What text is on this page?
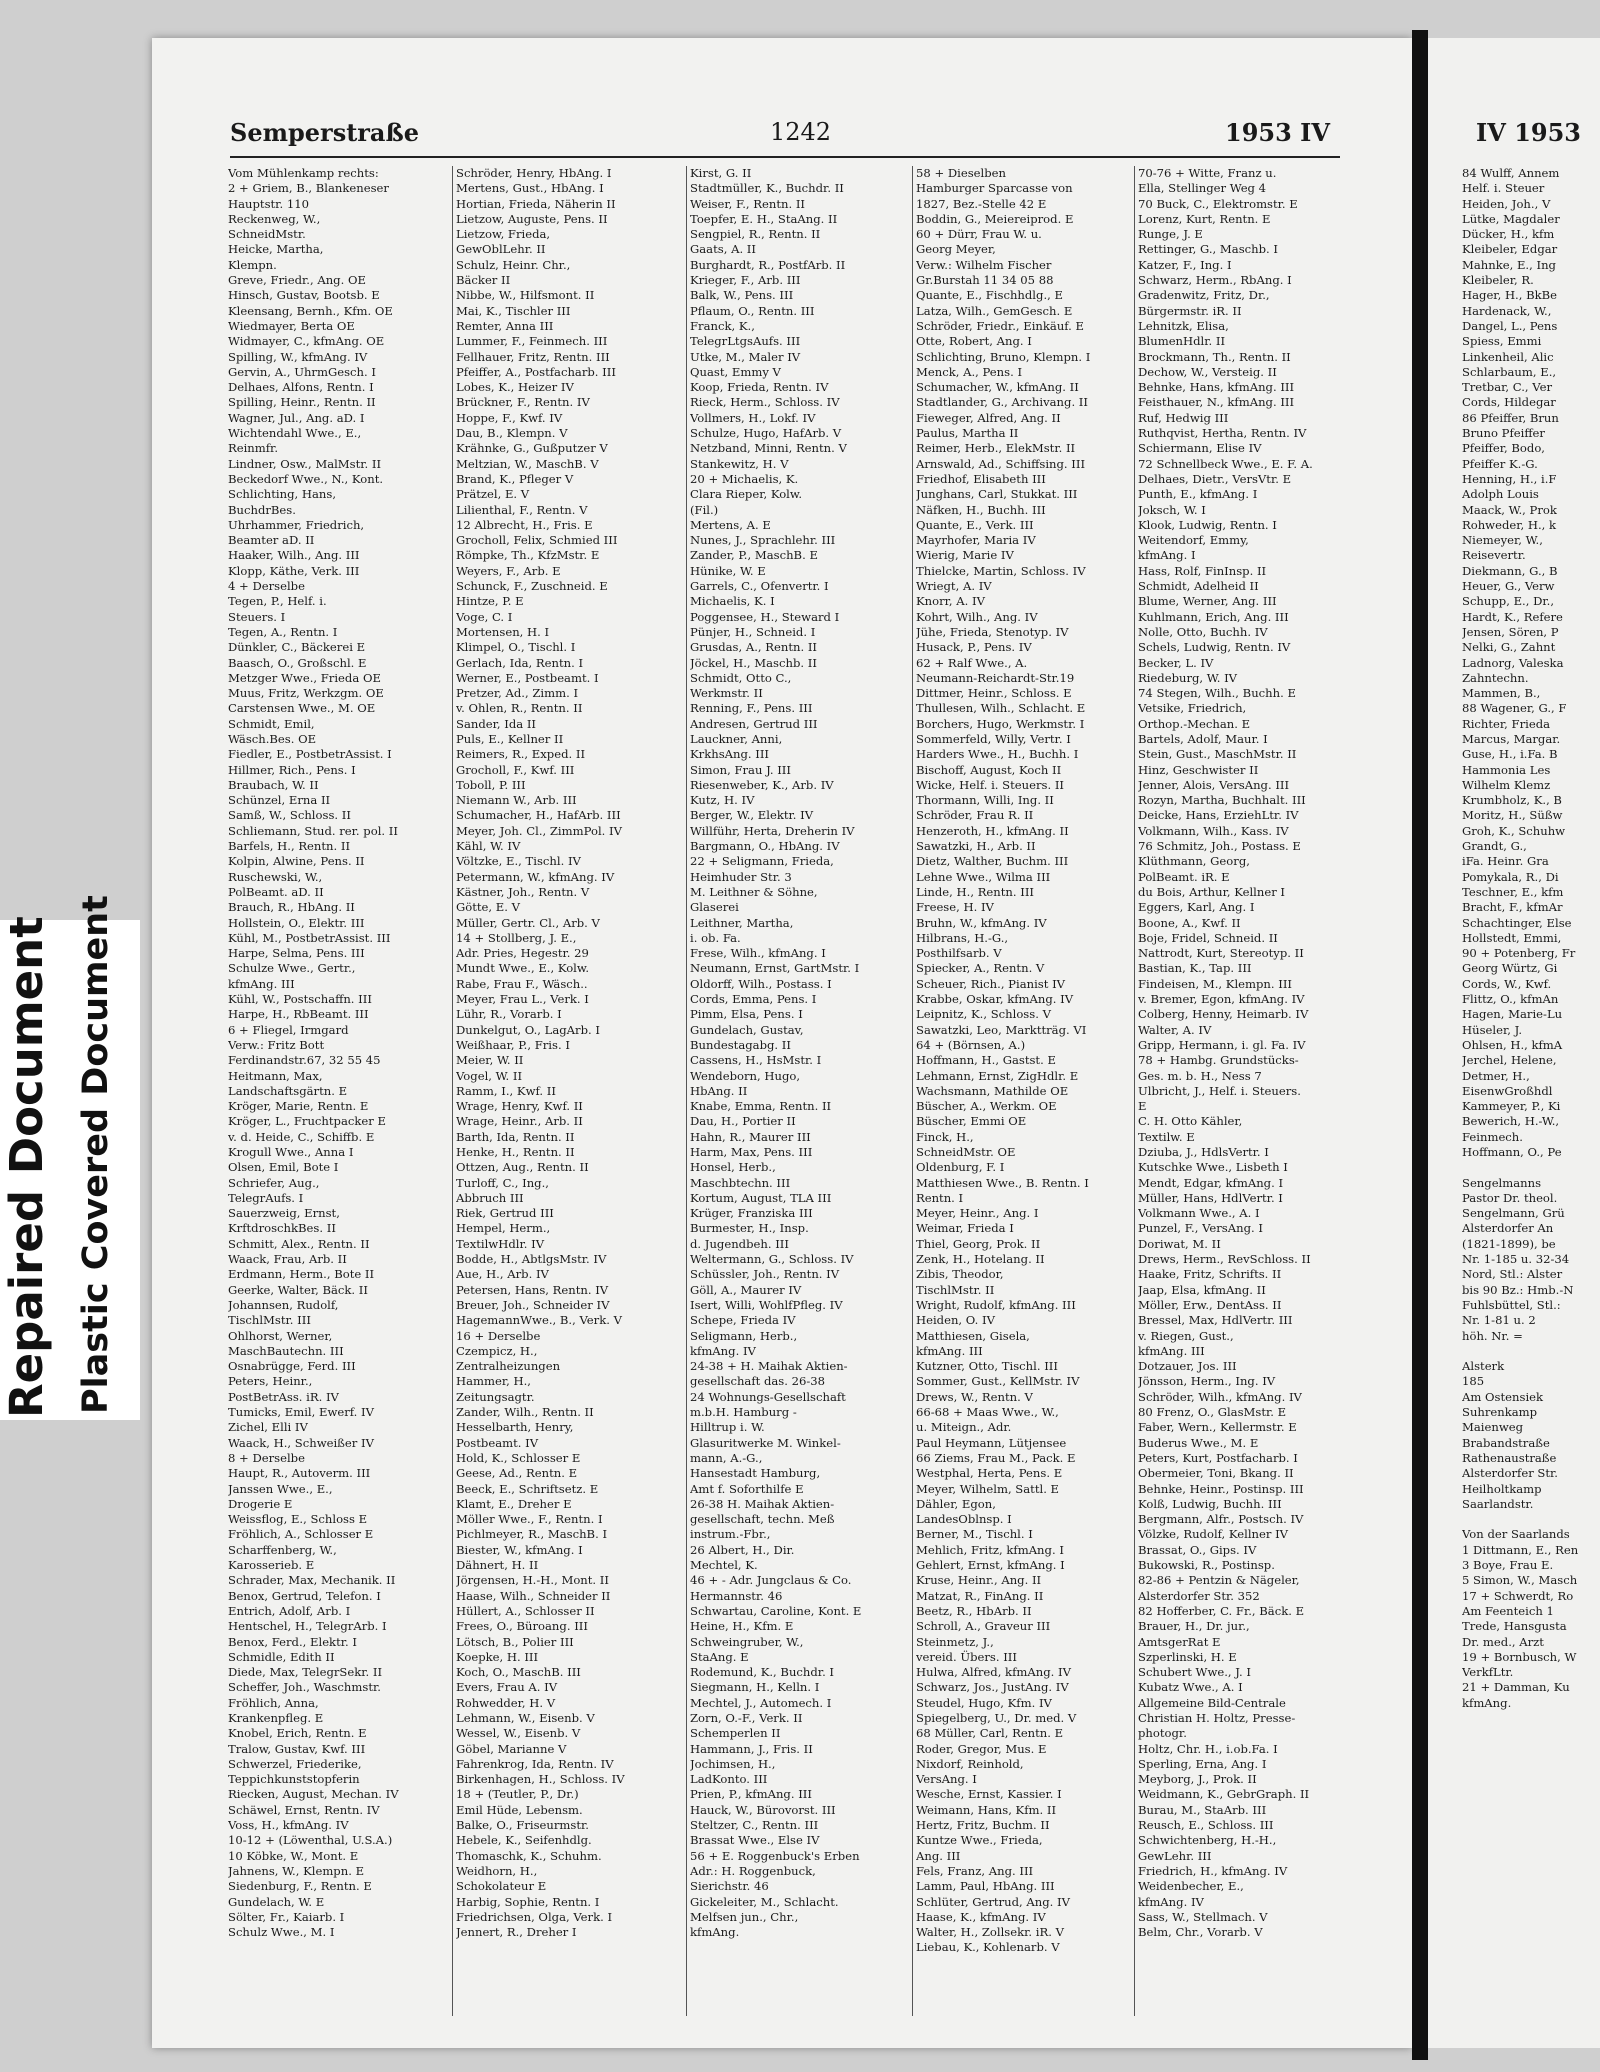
Repaired Document Plastic Covered Document
Semperstraße	1242	1953 IV
Vom Mühlenkamp rechts:
2 + Griem, B., Blankeneser
Hauptstr. 110
Reckenweg, W.,
SchneidMstr.
Heicke, Martha,
Klempn.
Greve, Friedr., Ang. OE
Hinsch, Gustav, Bootsb. E
Kleensang, Bernh., Kfm. OE
Wiedmayer, Berta OE
Widmayer, C., kfmAng. OE
Spilling, W., kfmAng. IV
Gervin, A., UhrmGesch. I
Delhaes, Alfons, Rentn. I
Spilling, Heinr., Rentn. II
Wagner, Jul., Ang. aD. I
Wichtendahl Wwe., E.,
Reinmfr.
Lindner, Osw., MalMstr. II
Beckedorf Wwe., N., Kont.
Schlichting, Hans,
BuchdrBes.
Uhrhammer, Friedrich,
Beamter aD. II
Haaker, Wilh., Ang. III
Klopp, Käthe, Verk. III
4 + Derselbe
Tegen, P., Helf. i.
Steuers. I
Tegen, A., Rentn. I
Dünkler, C., Bäckerei E
Baasch, O., Großschl. E
Metzger Wwe., Frieda OE
Muus, Fritz, Werkzgm. OE
Carstensen Wwe., M. OE
Schmidt, Emil,
Wäsch.Bes. OE
Fiedler, E., PostbetrAssist. I
Hillmer, Rich., Pens. I
Braubach, W. II
Schünzel, Erna II
Samß, W., Schloss. II
Schliemann, Stud. rer. pol. II
Barfels, H., Rentn. II
Kolpin, Alwine, Pens. II
Ruschewski, W.,
PolBeamt. aD. II
Brauch, R., HbAng. II
Hollstein, O., Elektr. III
Kühl, M., PostbetrAssist. III
Harpe, Selma, Pens. III
Schulze Wwe., Gertr.,
kfmAng. III
Kühl, W., Postschaffn. III
Harpe, H., RbBeamt. III
6 + Fliegel, Irmgard
Verw.: Fritz Bott
Ferdinandstr.67, 32 55 45
Heitmann, Max,
Landschaftsgärtn. E
Kröger, Marie, Rentn. E
Kröger, L., Fruchtpacker E
v. d. Heide, C., Schiffb. E
Krogull Wwe., Anna I
Olsen, Emil, Bote I
Schriefer, Aug.,
TelegrAufs. I
Sauerzweig, Ernst,
KrftdroschkBes. II
Schmitt, Alex., Rentn. II
Waack, Frau, Arb. II
Erdmann, Herm., Bote II
Geerke, Walter, Bäck. II
Johannsen, Rudolf,
TischlMstr. III
Ohlhorst, Werner,
MaschBautechn. III
Osnabrügge, Ferd. III
Peters, Heinr.,
PostBetrAss. iR. IV
Tumicks, Emil, Ewerf. IV
Zichel, Elli IV
Waack, H., Schweißer IV
8 + Derselbe
Haupt, R., Autoverm. III
Janssen Wwe., E.,
Drogerie E
Weissflog, E., Schloss E
Fröhlich, A., Schlosser E
Scharffenberg, W.,
Karosserieb. E
Schrader, Max, Mechanik. II
Benox, Gertrud, Telefon. I
Entrich, Adolf, Arb. I
Hentschel, H., TelegrArb. I
Benox, Ferd., Elektr. I
Schmidle, Edith II
Diede, Max, TelegrSekr. II
Scheffer, Joh., Waschmstr.
Fröhlich, Anna,
Krankenpfleg. E
Knobel, Erich, Rentn. E
Tralow, Gustav, Kwf. III
Schwerzel, Friederike,
Teppichkunststopferin
Riecken, August, Mechan. IV
Schäwel, Ernst, Rentn. IV
Voss, H., kfmAng. IV
10-12 + (Löwenthal, U.S.A.)
10 Köbke, W., Mont. E
Jahnens, W., Klempn. E
Siedenburg, F., Rentn. E
Gundelach, W. E
Sölter, Fr., Kaiarb. I
Schulz Wwe., M. I
Schröder, Henry, HbAng. I
Mertens, Gust., HbAng. I
Hortian, Frieda, Näherin II
Lietzow, Auguste, Pens. II
Lietzow, Frieda,
GewOblLehr. II
Schulz, Heinr. Chr.,
Bäcker II
Nibbe, W., Hilfsmont. II
Mai, K., Tischler III
Remter, Anna III
Lummer, F., Feinmech. III
Fellhauer, Fritz, Rentn. III
Pfeiffer, A., Postfacharb. III
Lobes, K., Heizer IV
Brückner, F., Rentn. IV
Hoppe, F., Kwf. IV
Dau, B., Klempn. V
Krähnke, G., Gußputzer V
Meltzian, W., MaschB. V
Brand, K., Pfleger V
Prätzel, E. V
Lilienthal, F., Rentn. V
12 Albrecht, H., Fris. E
Grocholl, Felix, Schmied III
Römpke, Th., KfzMstr. E
Weyers, F., Arb. E
Schunck, F., Zuschneid. E
Hintze, P. E
Voge, C. I
Mortensen, H. I
Klimpel, O., Tischl. I
Gerlach, Ida, Rentn. I
Werner, E., Postbeamt. I
Pretzer, Ad., Zimm. I
v. Ohlen, R., Rentn. II
Sander, Ida II
Puls, E., Kellner II
Reimers, R., Exped. II
Grocholl, F., Kwf. III
Toboll, P. III
Niemann W., Arb. III
Schumacher, H., HafArb. III
Meyer, Joh. Cl., ZimmPol. IV
Kähl, W. IV
Völtzke, E., Tischl. IV
Petermann, W., kfmAng. IV
Kästner, Joh., Rentn. V
Götte, E. V
Müller, Gertr. Cl., Arb. V
14 + Stollberg, J. E.,
Adr. Pries, Hegestr. 29
Mundt Wwe., E., Kolw.
Rabe, Frau F., Wäsch..
Meyer, Frau L., Verk. I
Lühr, R., Vorarb. I
Dunkelgut, O., LagArb. I
Weißhaar, P., Fris. I
Meier, W. II
Vogel, W. II
Ramm, I., Kwf. II
Wrage, Henry, Kwf. II
Wrage, Heinr., Arb. II
Barth, Ida, Rentn. II
Henke, H., Rentn. II
Ottzen, Aug., Rentn. II
Turloff, C., Ing.,
Abbruch III
Riek, Gertrud III
Hempel, Herm.,
TextilwHdlr. IV
Bodde, H., AbtlgsMstr. IV
Aue, H., Arb. IV
Petersen, Hans, Rentn. IV
Breuer, Joh., Schneider IV
HagemannWwe., B., Verk. V
16 + Derselbe
Czempicz, H.,
Zentralheizungen
Hammer, H.,
Zeitungsagtr.
Zander, Wilh., Rentn. II
Hesselbarth, Henry,
Postbeamt. IV
Hold, K., Schlosser E
Geese, Ad., Rentn. E
Beeck, E., Schriftsetz. E
Klamt, E., Dreher E
Möller Wwe., F., Rentn. I
Pichlmeyer, R., MaschB. I
Biester, W., kfmAng. I
Dähnert, H. II
Jörgensen, H.-H., Mont. II
Haase, Wilh., Schneider II
Hüllert, A., Schlosser II
Frees, O., Büroang. III
Lötsch, B., Polier III
Koepke, H. III
Koch, O., MaschB. III
Evers, Frau A. IV
Rohwedder, H. V
Lehmann, W., Eisenb. V
Wessel, W., Eisenb. V
Göbel, Marianne V
Fahrenkrog, Ida, Rentn. IV
Birkenhagen, H., Schloss. IV
18 + (Teutler, P., Dr.)
Emil Hüde, Lebensm.
Balke, O., Friseurmstr.
Hebele, K., Seifenhdlg.
Thomaschk, K., Schuhm.
Weidhorn, H.,
Schokolateur E
Harbig, Sophie, Rentn. I
Friedrichsen, Olga, Verk. I
Jennert, R., Dreher I
Kirst, G. II
Stadtmüller, K., Buchdr. II
Weiser, F., Rentn. II
Toepfer, E. H., StaAng. II
Sengpiel, R., Rentn. II
Gaats, A. II
Burghardt, R., PostfArb. II
Krieger, F., Arb. III
Balk, W., Pens. III
Pflaum, O., Rentn. III
Franck, K.,
TelegrLtgsAufs. III
Utke, M., Maler IV
Quast, Emmy V
Koop, Frieda, Rentn. IV
Rieck, Herm., Schloss. IV
Vollmers, H., Lokf. IV
Schulze, Hugo, HafArb. V
Netzband, Minni, Rentn. V
Stankewitz, H. V
20 + Michaelis, K.
Clara Rieper, Kolw.
(Fil.)
Mertens, A. E
Nunes, J., Sprachlehr. III
Zander, P., MaschB. E
Hünike, W. E
Garrels, C., Ofenvertr. I
Michaelis, K. I
Poggensee, H., Steward I
Pünjer, H., Schneid. I
Grusdas, A., Rentn. II
Jöckel, H., Maschb. II
Schmidt, Otto C.,
Werkmstr. II
Renning, F., Pens. III
Andresen, Gertrud III
Lauckner, Anni,
KrkhsAng. III
Simon, Frau J. III
Riesenweber, K., Arb. IV
Kutz, H. IV
Berger, W., Elektr. IV
Willführ, Herta, Dreherin IV
Bargmann, O., HbAng. IV
22 + Seligmann, Frieda,
Heimhuder Str. 3
M. Leithner & Söhne,
Glaserei
Leithner, Martha,
i. ob. Fa.
Frese, Wilh., kfmAng. I
Neumann, Ernst, GartMstr. I
Oldorff, Wilh., Postass. I
Cords, Emma, Pens. I
Pimm, Elsa, Pens. I
Gundelach, Gustav,
Bundestagabg. II
Cassens, H., HsMstr. I
Wendeborn, Hugo,
HbAng. II
Knabe, Emma, Rentn. II
Dau, H., Portier II
Hahn, R., Maurer III
Harm, Max, Pens. III
Honsel, Herb.,
Maschbtechn. III
Kortum, August, TLA III
Krüger, Franziska III
Burmester, H., Insp.
d. Jugendbeh. III
Weltermann, G., Schloss. IV
Schüssler, Joh., Rentn. IV
Göll, A., Maurer IV
Isert, Willi, WohlfPfleg. IV
Schepe, Frieda IV
Seligmann, Herb.,
kfmAng. IV
24-38 + H. Maihak Aktien-
gesellschaft das. 26-38
24 Wohnungs-Gesellschaft
m.b.H. Hamburg -
Hilltrup i. W.
Glasuritwerke M. Winkel-
mann, A.-G.,
Hansestadt Hamburg,
Amt f. Soforthilfe E
26-38 H. Maihak Aktien-
gesellschaft, techn. Meß
instrum.-Fbr.,
26 Albert, H., Dir.
Mechtel, K.
46 + - Adr. Jungclaus & Co.
Hermannstr. 46
Schwartau, Caroline, Kont. E
Heine, H., Kfm. E
Schweingruber, W.,
StaAng. E
Rodemund, K., Buchdr. I
Siegmann, H., Kelln. I
Mechtel, J., Automech. I
Zorn, O.-F., Verk. II
Schemperlen II
Hammann, J., Fris. II
Jochimsen, H.,
LadKonto. III
Prien, P., kfmAng. III
Hauck, W., Bürovorst. III
Steltzer, C., Rentn. III
Brassat Wwe., Else IV
56 + E. Roggenbuck's Erben
Adr.: H. Roggenbuck,
Sierichstr. 46
Gickeleiter, M., Schlacht.
Melfsen jun., Chr.,
kfmAng.
58 + Dieselben
Hamburger Sparcasse von
1827, Bez.-Stelle 42 E
Boddin, G., Meiereiprod. E
60 + Dürr, Frau W. u.
Georg Meyer,
Verw.: Wilhelm Fischer
Gr.Burstah 11 34 05 88
Quante, E., Fischhdlg., E
Latza, Wilh., GemGesch. E
Schröder, Friedr., Einkäuf. E
Otte, Robert, Ang. I
Schlichting, Bruno, Klempn. I
Menck, A., Pens. I
Schumacher, W., kfmAng. II
Stadtlander, G., Archivang. II
Fieweger, Alfred, Ang. II
Paulus, Martha II
Reimer, Herb., ElekMstr. II
Arnswald, Ad., Schiffsing. III
Friedhof, Elisabeth III
Junghans, Carl, Stukkat. III
Näfken, H., Buchh. III
Quante, E., Verk. III
Mayrhofer, Maria IV
Wierig, Marie IV
Thielcke, Martin, Schloss. IV
Wriegt, A. IV
Knorr, A. IV
Kohrt, Wilh., Ang. IV
Jühe, Frieda, Stenotyp. IV
Husack, P., Pens. IV
62 + Ralf Wwe., A.
Neumann-Reichardt-Str.19
Dittmer, Heinr., Schloss. E
Thullesen, Wilh., Schlacht. E
Borchers, Hugo, Werkmstr. I
Sommerfeld, Willy, Vertr. I
Harders Wwe., H., Buchh. I
Bischoff, August, Koch II
Wicke, Helf. i. Steuers. II
Thormann, Willi, Ing. II
Schröder, Frau R. II
Henzeroth, H., kfmAng. II
Sawatzki, H., Arb. II
Dietz, Walther, Buchm. III
Lehne Wwe., Wilma III
Linde, H., Rentn. III
Freese, H. IV
Bruhn, W., kfmAng. IV
Hilbrans, H.-G.,
Posthilfsarb. V
Spiecker, A., Rentn. V
Scheuer, Rich., Pianist IV
Krabbe, Oskar, kfmAng. IV
Leipnitz, K., Schloss. V
Sawatzki, Leo, Marktträg. VI
64 + (Börnsen, A.)
Hoffmann, H., Gastst. E
Lehmann, Ernst, ZigHdlr. E
Wachsmann, Mathilde OE
Büscher, A., Werkm. OE
Büscher, Emmi OE
Finck, H.,
SchneidMstr. OE
Oldenburg, F. I
Matthiesen Wwe., B. Rentn. I
Rentn. I
Meyer, Heinr., Ang. I
Weimar, Frieda I
Thiel, Georg, Prok. II
Zenk, H., Hotelang. II
Zibis, Theodor,
TischlMstr. II
Wright, Rudolf, kfmAng. III
Heiden, O. IV
Matthiesen, Gisela,
kfmAng. III
Kutzner, Otto, Tischl. III
Sommer, Gust., KellMstr. IV
Drews, W., Rentn. V
66-68 + Maas Wwe., W.,
u. Miteign., Adr.
Paul Heymann, Lütjensee
66 Ziems, Frau M., Pack. E
Westphal, Herta, Pens. E
Meyer, Wilhelm, Sattl. E
Dähler, Egon,
LandesOblnsp. I
Berner, M., Tischl. I
Mehlich, Fritz, kfmAng. I
Gehlert, Ernst, kfmAng. I
Kruse, Heinr., Ang. II
Matzat, R., FinAng. II
Beetz, R., HbArb. II
Schroll, A., Graveur III
Steinmetz, J.,
vereid. Übers. III
Hulwa, Alfred, kfmAng. IV
Schwarz, Jos., JustAng. IV
Steudel, Hugo, Kfm. IV
Spiegelberg, U., Dr. med. V
68 Müller, Carl, Rentn. E
Roder, Gregor, Mus. E
Nixdorf, Reinhold,
VersAng. I
Wesche, Ernst, Kassier. I
Weimann, Hans, Kfm. II
Hertz, Fritz, Buchm. II
Kuntze Wwe., Frieda,
Ang. III
Fels, Franz, Ang. III
Lamm, Paul, HbAng. III
Schlüter, Gertrud, Ang. IV
Haase, K., kfmAng. IV
Walter, H., Zollsekr. iR. V
Liebau, K., Kohlenarb. V
70-76 + Witte, Franz u.
Ella, Stellinger Weg 4
70 Buck, C., Elektromstr. E
Lorenz, Kurt, Rentn. E
Runge, J. E
Rettinger, G., Maschb. I
Katzer, F., Ing. I
Schwarz, Herm., RbAng. I
Gradenwitz, Fritz, Dr.,
Bürgermstr. iR. II
Lehnitzk, Elisa,
BlumenHdlr. II
Brockmann, Th., Rentn. II
Dechow, W., Versteig. II
Behnke, Hans, kfmAng. III
Feisthauer, N., kfmAng. III
Ruf, Hedwig III
Ruthqvist, Hertha, Rentn. IV
Schiermann, Elise IV
72 Schnellbeck Wwe., E. F. A.
Delhaes, Dietr., VersVtr. E
Punth, E., kfmAng. I
Joksch, W. I
Klook, Ludwig, Rentn. I
Weitendorf, Emmy,
kfmAng. I
Hass, Rolf, FinInsp. II
Schmidt, Adelheid II
Blume, Werner, Ang. III
Kuhlmann, Erich, Ang. III
Nolle, Otto, Buchh. IV
Schels, Ludwig, Rentn. IV
Becker, L. IV
Riedeburg, W. IV
74 Stegen, Wilh., Buchh. E
Vetsike, Friedrich,
Orthop.-Mechan. E
Bartels, Adolf, Maur. I
Stein, Gust., MaschMstr. II
Hinz, Geschwister II
Jenner, Alois, VersAng. III
Rozyn, Martha, Buchhalt. III
Deicke, Hans, ErziehLtr. IV
Volkmann, Wilh., Kass. IV
76 Schmitz, Joh., Postass. E
Klüthmann, Georg,
PolBeamt. iR. E
du Bois, Arthur, Kellner I
Eggers, Karl, Ang. I
Boone, A., Kwf. II
Boje, Fridel, Schneid. II
Nattrodt, Kurt, Stereotyp. II
Bastian, K., Tap. III
Findeisen, M., Klempn. III
v. Bremer, Egon, kfmAng. IV
Colberg, Henny, Heimarb. IV
Walter, A. IV
Gripp, Hermann, i. gl. Fa. IV
78 + Hambg. Grundstücks-
Ges. m. b. H., Ness 7
Ulbricht, J., Helf. i. Steuers.
E
C. H. Otto Kähler,
Textilw. E
Dziuba, J., HdlsVertr. I
Kutschke Wwe., Lisbeth I
Mendt, Edgar, kfmAng. I
Müller, Hans, HdlVertr. I
Volkmann Wwe., A. I
Punzel, F., VersAng. I
Doriwat, M. II
Drews, Herm., RevSchloss. II
Haake, Fritz, Schrifts. II
Jaap, Elsa, kfmAng. II
Möller, Erw., DentAss. II
Bressel, Max, HdlVertr. III
v. Riegen, Gust.,
kfmAng. III
Dotzauer, Jos. III
Jönsson, Herm., Ing. IV
Schröder, Wilh., kfmAng. IV
80 Frenz, O., GlasMstr. E
Faber, Wern., Kellermstr. E
Buderus Wwe., M. E
Peters, Kurt, Postfacharb. I
Obermeier, Toni, Bkang. II
Behnke, Heinr., Postinsp. III
Kolß, Ludwig, Buchh. III
Bergmann, Alfr., Postsch. IV
Völzke, Rudolf, Kellner IV
Brassat, O., Gips. IV
Bukowski, R., Postinsp.
82-86 + Pentzin & Nägeler,
Alsterdorfer Str. 352
82 Hofferber, C. Fr., Bäck. E
Brauer, H., Dr. jur.,
AmtsgerRat E
Szperlinski, H. E
Schubert Wwe., J. I
Kubatz Wwe., A. I
Allgemeine Bild-Centrale
Christian H. Holtz, Presse-
photogr.
Holtz, Chr. H., i.ob.Fa. I
Sperling, Erna, Ang. I
Meyborg, J., Prok. II
Weidmann, K., GebrGraph. II
Burau, M., StaArb. III
Reusch, E., Schloss. III
Schwichtenberg, H.-H.,
GewLehr. III
Friedrich, H., kfmAng. IV
Weidenbecher, E.,
kfmAng. IV
Sass, W., Stellmach. V
Belm, Chr., Vorarb. V
IV 1953
84 Wulff, Annem
Helf. i. Steuer
Heiden, Joh., V
Lütke, Magdaler
Dücker, H., kfm
Kleibeler, Edgar
Mahnke, E., Ing
Kleibeler, R.
Hager, H., BkBe
Hardenack, W.,
Dangel, L., Pens
Spiess, Emmi
Linkenheil, Alic
Schlarbaum, E.,
Tretbar, C., Ver
Cords, Hildegar
86 Pfeiffer, Brun
Bruno Pfeiffer
Pfeiffer, Bodo,
Pfeiffer K.-G.
Henning, H., i.F
Adolph Louis
Maack, W., Prok
Rohweder, H., k
Niemeyer, W.,
Reisevertr.
Diekmann, G., B
Heuer, G., Verw
Schupp, E., Dr.,
Hardt, K., Refere
Jensen, Sören, P
Nelki, G., Zahnt
Ladnorg, Valeska
Zahntechn.
Mammen, B.,
88 Wagener, G., F
Richter, Frieda
Marcus, Margar.
Guse, H., i.Fa. B
Hammonia Les
Wilhelm Klemz
Krumbholz, K., B
Moritz, H., Süßw
Groh, K., Schuhw
Grandt, G.,
iFa. Heinr. Gra
Pomykala, R., Di
Teschner, E., kfm
Bracht, F., kfmAr
Schachtinger, Else
Hollstedt, Emmi,
90 + Potenberg, Fr
Georg Würtz, Gi
Cords, W., Kwf.
Flittz, O., kfmAn
Hagen, Marie-Lu
Hüseler, J.
Ohlsen, H., kfmA
Jerchel, Helene,
Detmer, H.,
EisenwGroßhdl
Kammeyer, P., Ki
Bewerich, H.-W.,
Feinmech.
Hoffmann, O., Pe

Sengelmanns
Pastor Dr. theol.
Sengelmann, Grü
Alsterdorfer An
(1821-1899), be
Nr. 1-185 u. 32-34
Nord, Stl.: Alster
bis 90 Bz.: Hmb.-N
Fuhlsbüttel, Stl.:
Nr. 1-81 u. 2
höh. Nr. =

Alsterk
185
Am Ostensiek
Suhrenkamp
Maienweg
Brabandstraße
Rathenaustraße
Alsterdorfer Str.
Heilholtkamp
Saarlandstr.

Von der Saarlands
1 Dittmann, E., Ren
3 Boye, Frau E.
5 Simon, W., Masch
17 + Schwerdt, Ro
Am Feenteich 1
Trede, Hansgusta
Dr. med., Arzt
19 + Bornbusch, W
VerkfLtr.
21 + Damman, Ku
kfmAng.
